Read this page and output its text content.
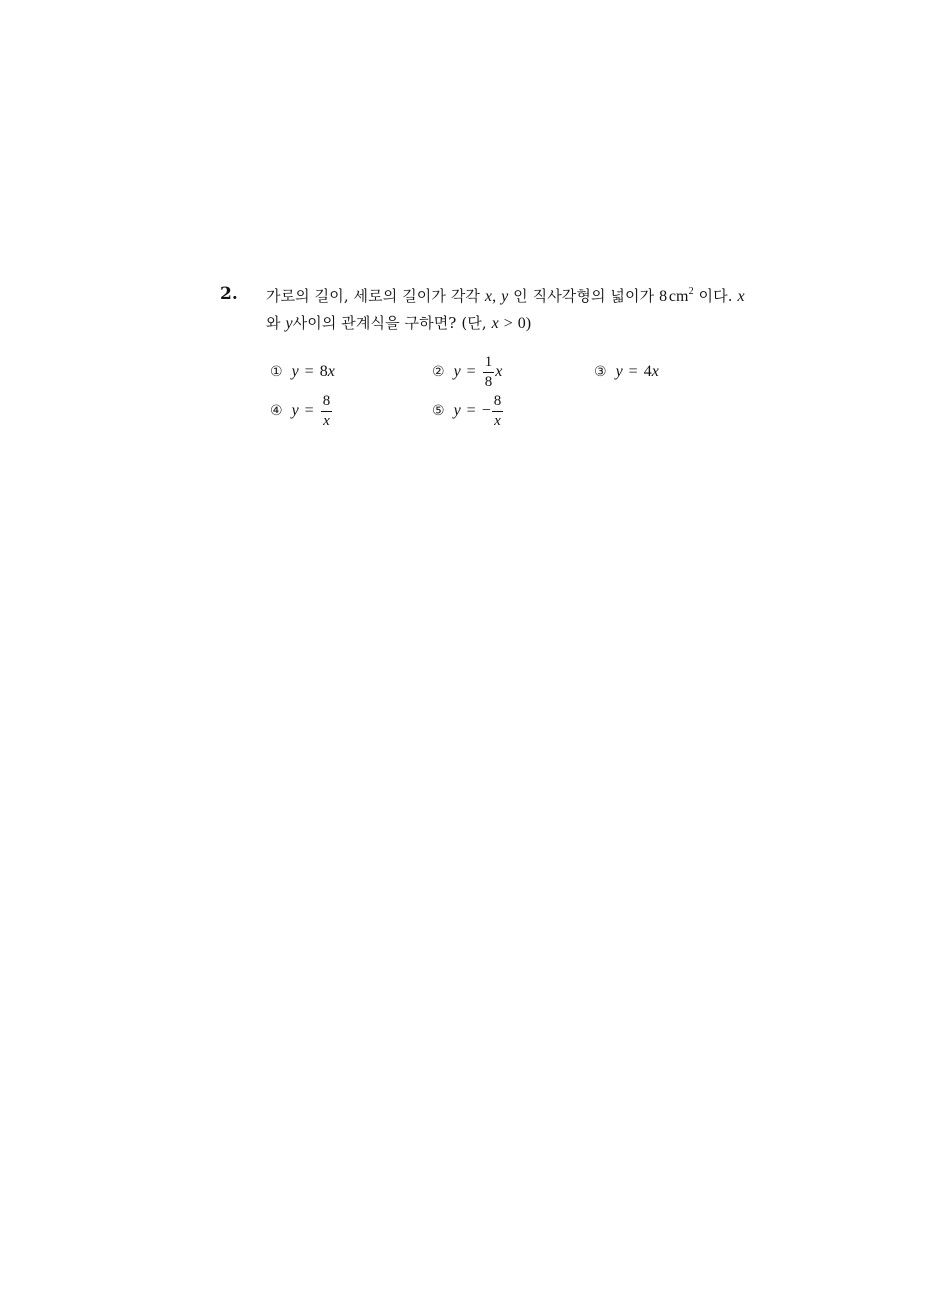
2. 가로의 길이, 세로의 길이가 각각 x, y 인 직사각형의 넓이가 8  $cm^2$ 이다. x
와 y사이의 관계식을 구하면? (단, x > 0)
① y = 8 x	② $y = \frac{1}{8}$ x	③ y = 4 x
④ $y = \frac{8}{x}$	⑤ y = − $\frac{8}{x}$
